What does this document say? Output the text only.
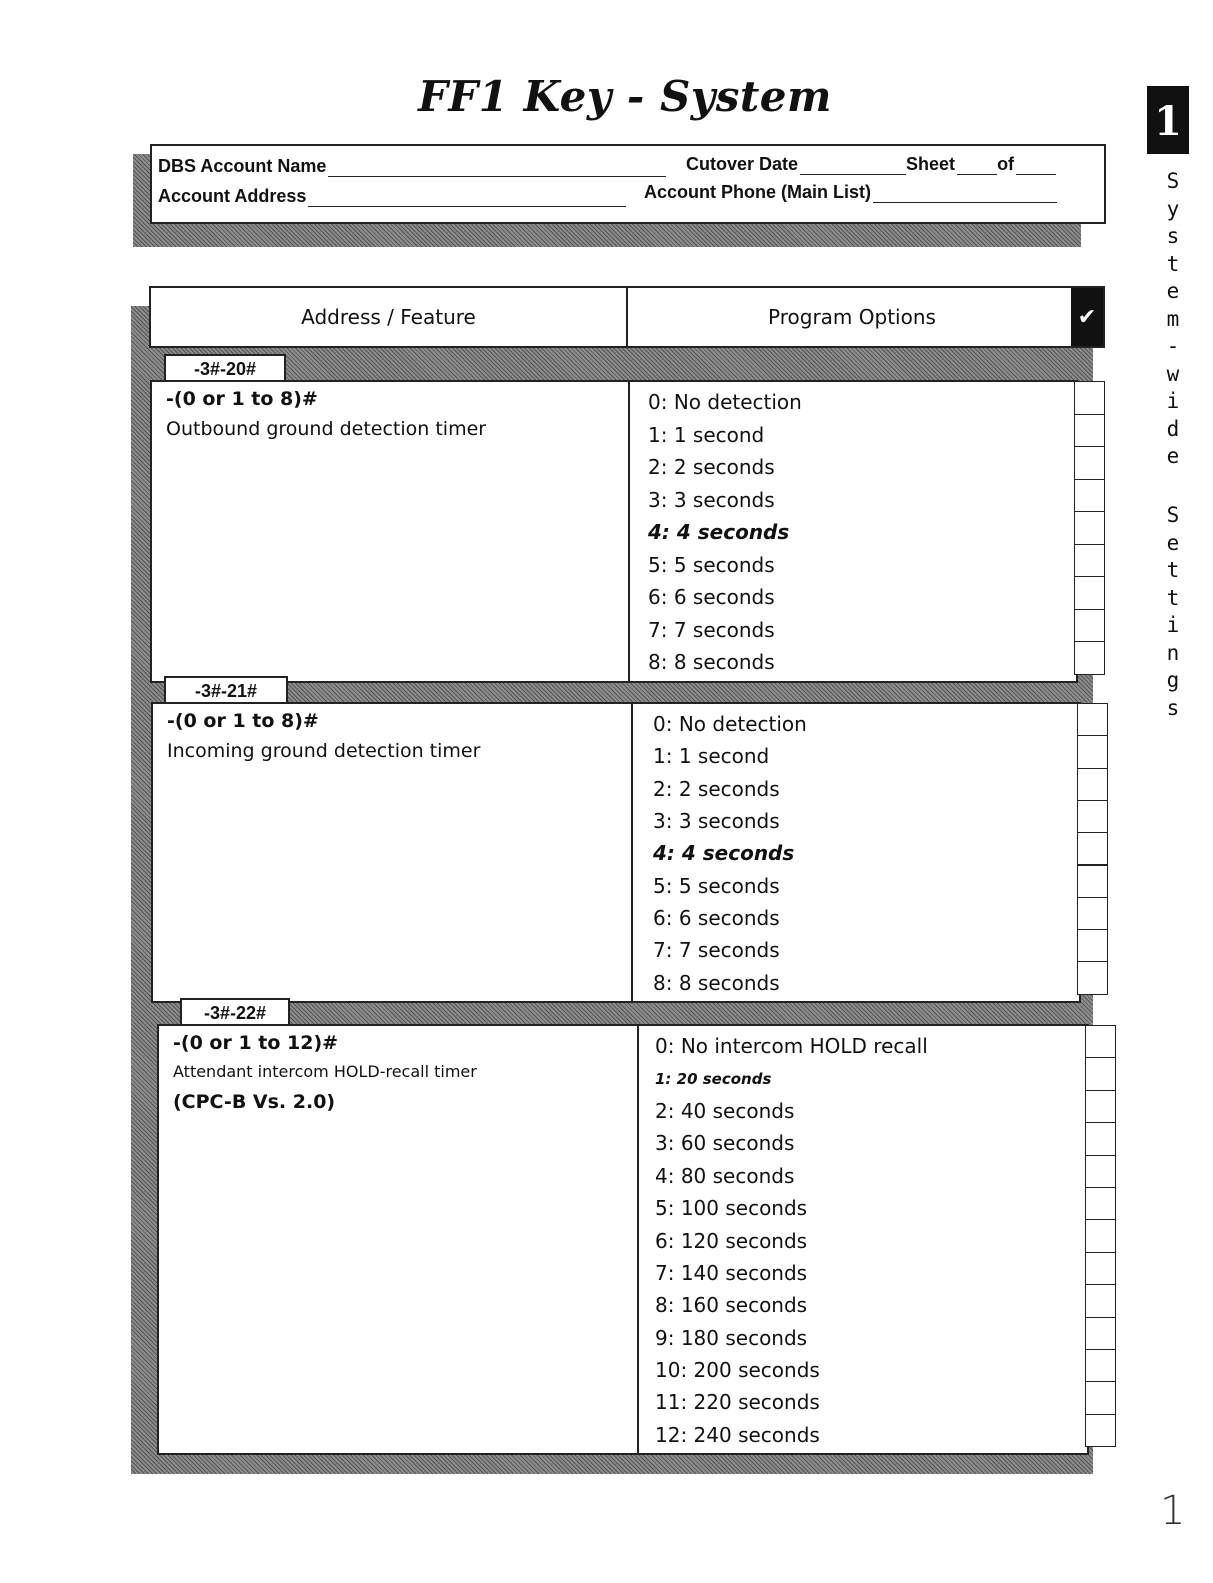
FF1 Key - System
1
S
y
s
t
e
m
-
w
i
d
e
S
e
t
t
i
n
g
s
1
DBS Account Name	Cutover Date	Sheet of
Account Address	Account Phone (Main List)
Address / Feature	Program Options	✔
-3#-20#
-(0 or 1 to 8)#
Outbound ground detection timer
0: No detection
1: 1 second
2: 2 seconds
3: 3 seconds
4: 4 seconds
5: 5 seconds
6: 6 seconds
7: 7 seconds
8: 8 seconds
-3#-21#
-(0 or 1 to 8)#
Incoming ground detection timer
0: No detection
1: 1 second
2: 2 seconds
3: 3 seconds
4: 4 seconds
5: 5 seconds
6: 6 seconds
7: 7 seconds
8: 8 seconds
-3#-22#
-(0 or 1 to 12)#
Attendant intercom HOLD-recall timer
(CPC-B Vs. 2.0)
0: No intercom HOLD recall
1: 20 seconds
2: 40 seconds
3: 60 seconds
4: 80 seconds
5: 100 seconds
6: 120 seconds
7: 140 seconds
8: 160 seconds
9: 180 seconds
10: 200 seconds
11: 220 seconds
12: 240 seconds
